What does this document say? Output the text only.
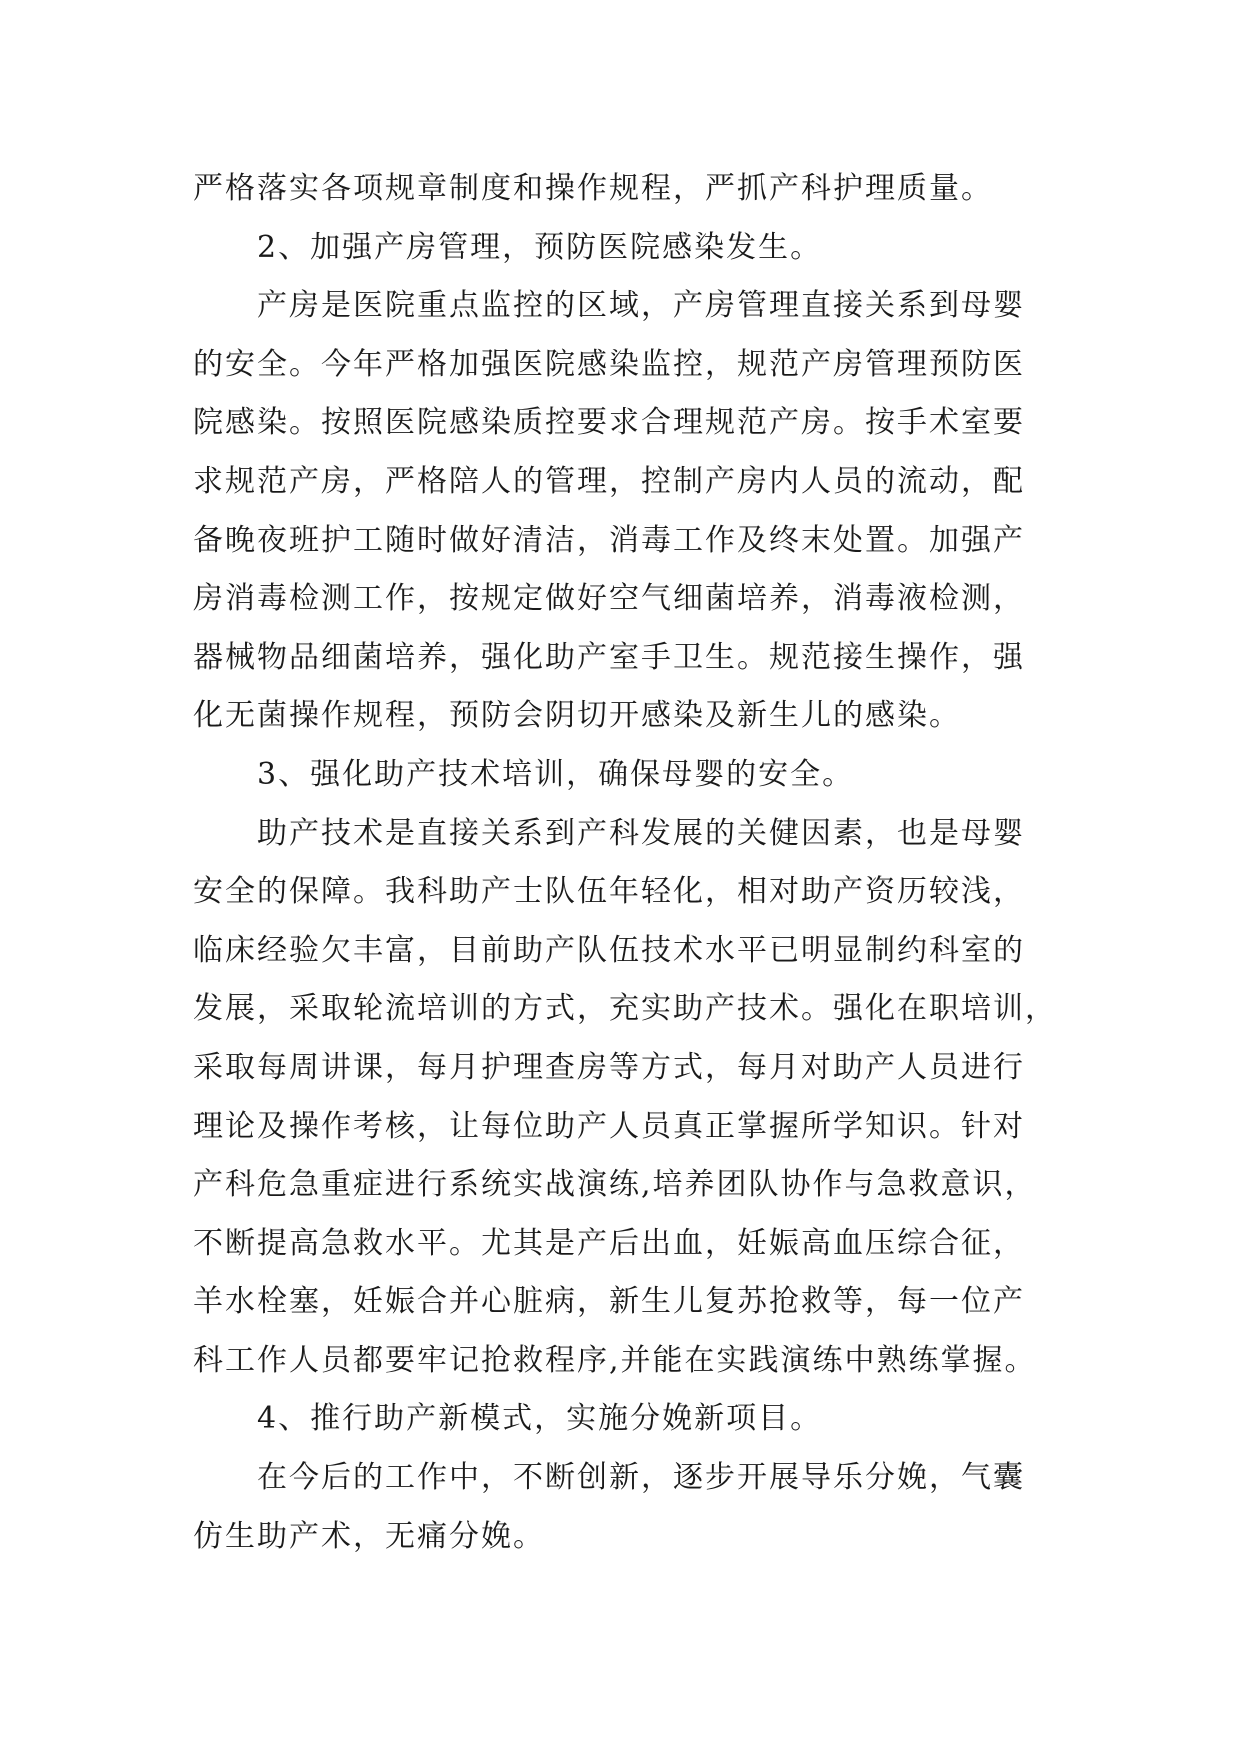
严格落实各项规章制度和操作规程，严抓产科护理质量。
2、加强产房管理，预防医院感染发生。
产房是医院重点监控的区域，产房管理直接关系到母婴
的安全。今年严格加强医院感染监控，规范产房管理预防医
院感染。按照医院感染质控要求合理规范产房。按手术室要
求规范产房，严格陪人的管理，控制产房内人员的流动，配
备晚夜班护工随时做好清洁，消毒工作及终末处置。加强产
房消毒检测工作，按规定做好空气细菌培养，消毒液检测，
器械物品细菌培养，强化助产室手卫生。规范接生操作，强
化无菌操作规程，预防会阴切开感染及新生儿的感染。
3、强化助产技术培训，确保母婴的安全。
助产技术是直接关系到产科发展的关健因素，也是母婴
安全的保障。我科助产士队伍年轻化，相对助产资历较浅，
临床经验欠丰富，目前助产队伍技术水平已明显制约科室的
发展，采取轮流培训的方式，充实助产技术。强化在职培训，
采取每周讲课，每月护理查房等方式，每月对助产人员进行
理论及操作考核，让每位助产人员真正掌握所学知识。针对
产科危急重症进行系统实战演练,培养团队协作与急救意识，
不断提高急救水平。尤其是产后出血，妊娠高血压综合征，
羊水栓塞，妊娠合并心脏病，新生儿复苏抢救等，每一位产
科工作人员都要牢记抢救程序,并能在实践演练中熟练掌握。
4、推行助产新模式，实施分娩新项目。
在今后的工作中，不断创新，逐步开展导乐分娩，气囊
仿生助产术，无痛分娩。
